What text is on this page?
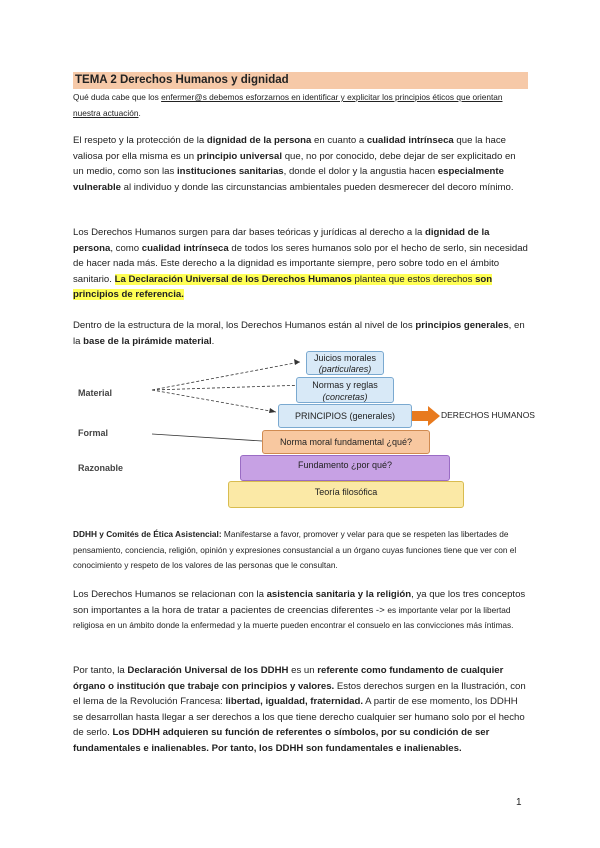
TEMA 2 Derechos Humanos y dignidad
Qué duda cabe que los enfermer@s debemos esforzarnos en identificar y explicitar los principios éticos que orientan nuestra actuación.
El respeto y la protección de la dignidad de la persona en cuanto a cualidad intrínseca que la hace valiosa por ella misma es un principio universal que, no por conocido, debe dejar de ser explicitado en un medio, como son las instituciones sanitarias, donde el dolor y la angustia hacen especialmente vulnerable al individuo y donde las circunstancias ambientales pueden desmerecer del decoro mínimo.
Los Derechos Humanos surgen para dar bases teóricas y jurídicas al derecho a la dignidad de la persona, como cualidad intrínseca de todos los seres humanos solo por el hecho de serlo, sin necesidad de hacer nada más. Este derecho a la dignidad es importante siempre, pero sobre todo en el ámbito sanitario. La Declaración Universal de los Derechos Humanos plantea que estos derechos son principios de referencia.
Dentro de la estructura de la moral, los Derechos Humanos están al nivel de los principios generales, en la base de la pirámide material.
Material
Formal
Razonable
Juicios morales
(particulares)
Normas y reglas
(concretas)
PRINCIPIOS (generales)	DERECHOS HUMANOS
Norma moral fundamental ¿qué?
Fundamento ¿por qué?
Teoría filosófica
DDHH y Comités de Ética Asistencial: Manifestarse a favor, promover y velar para que se respeten las libertades de pensamiento, conciencia, religión, opinión y expresiones consustancial a un órgano cuyas funciones tiene que ver con el conocimiento y respeto de los valores de las personas que le consultan.
Los Derechos Humanos se relacionan con la asistencia sanitaria y la religión, ya que los tres conceptos son importantes a la hora de tratar a pacientes de creencias diferentes -> es importante velar por la libertad religiosa en un ámbito donde la enfermedad y la muerte pueden encontrar el consuelo en las convicciones más íntimas.
Por tanto, la Declaración Universal de los DDHH es un referente como fundamento de cualquier órgano o institución que trabaje con principios y valores. Estos derechos surgen en la Ilustración, con el lema de la Revolución Francesa: libertad, igualdad, fraternidad. A partir de ese momento, los DDHH se desarrollan hasta llegar a ser derechos a los que tiene derecho cualquier ser humano solo por el hecho de serlo. Los DDHH adquieren su función de referentes o símbolos, por su condición de ser fundamentales e inalienables. Por tanto, los DDHH son fundamentales e inalienables.
1
